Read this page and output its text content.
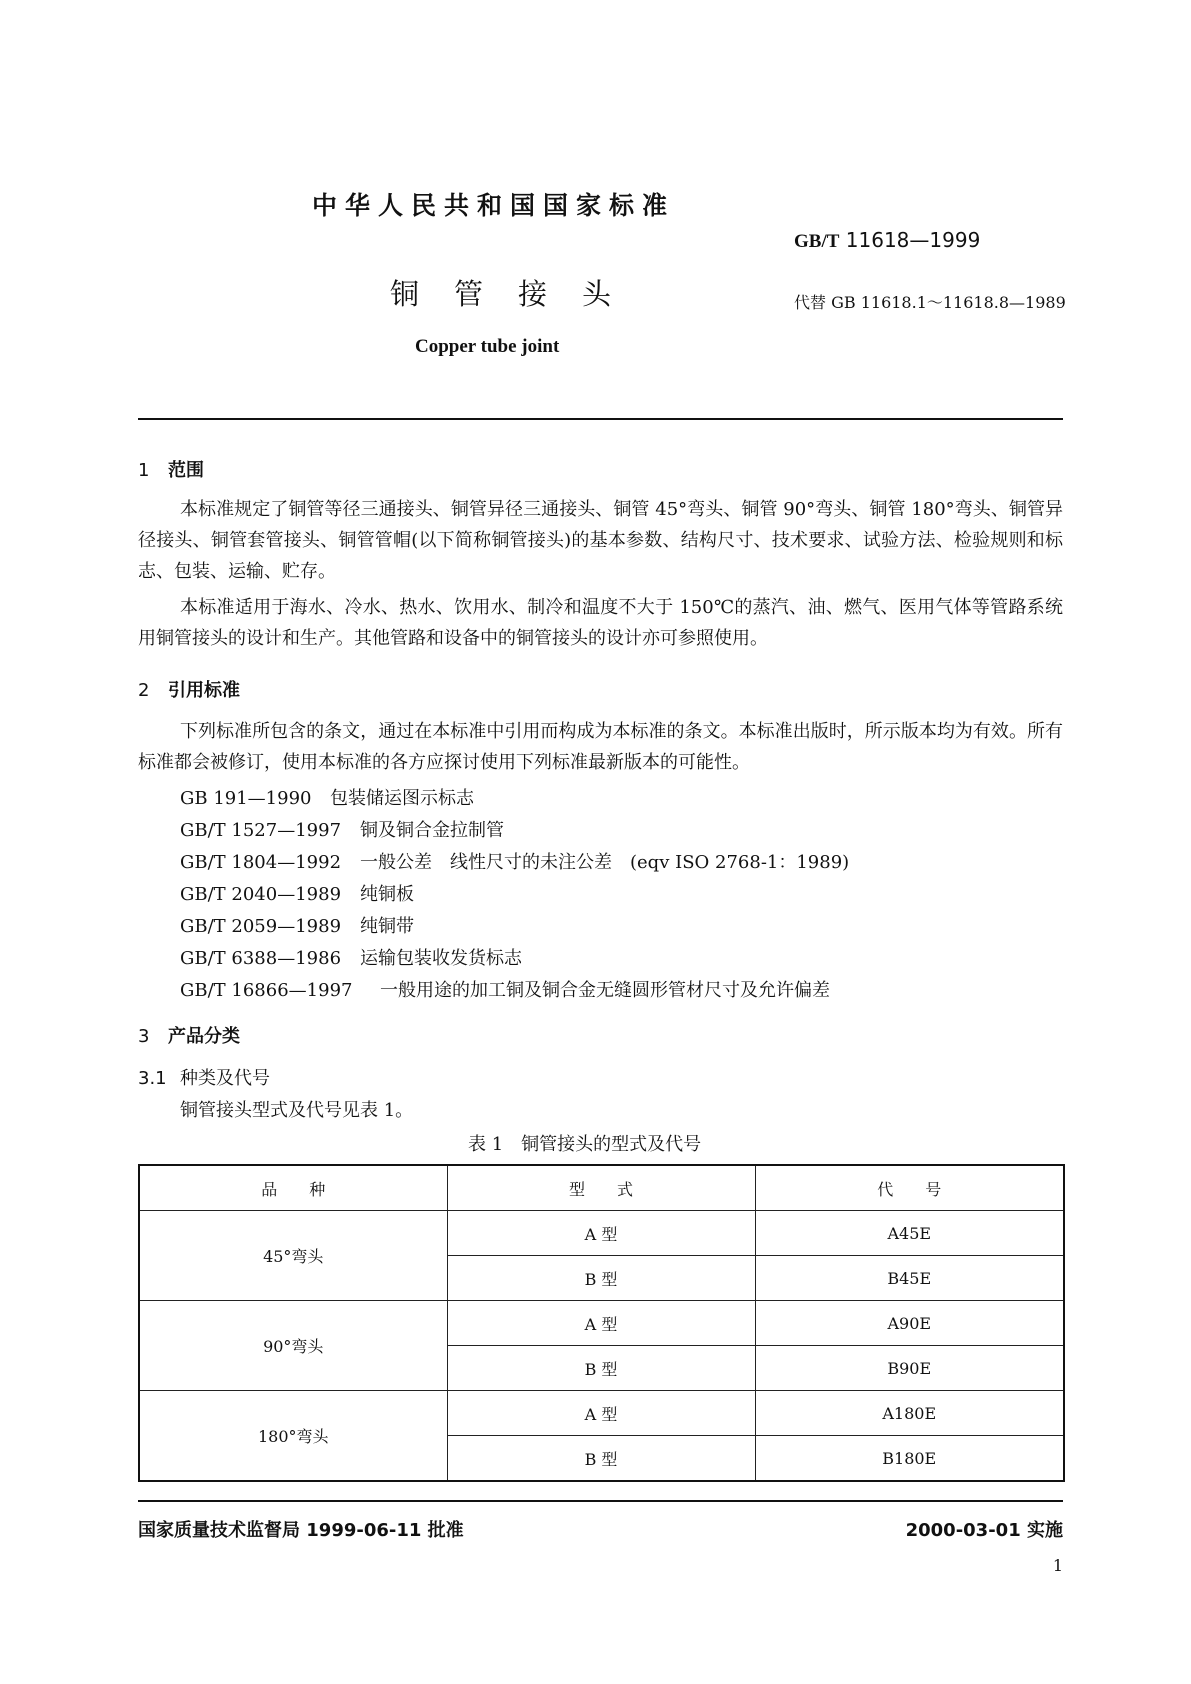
中华人民共和国国家标准
GB/T 11618—1999
铜管接头	代替 GB 11618.1～11618.8—1989
Copper tube joint
1 范围
本标准规定了铜管等径三通接头、铜管异径三通接头、铜管 45°弯头、铜管 90°弯头、铜管 180°弯头、铜管异径接头、铜管套管接头、铜管管帽(以下简称铜管接头)的基本参数、结构尺寸、技术要求、试验方法、检验规则和标志、包装、运输、贮存。
本标准适用于海水、冷水、热水、饮用水、制冷和温度不大于 150℃的蒸汽、油、燃气、医用气体等管路系统用铜管接头的设计和生产。其他管路和设备中的铜管接头的设计亦可参照使用。
2 引用标准
下列标准所包含的条文，通过在本标准中引用而构成为本标准的条文。本标准出版时，所示版本均为有效。所有标准都会被修订，使用本标准的各方应探讨使用下列标准最新版本的可能性。
GB 191—1990 包装储运图示标志
GB/T 1527—1997 铜及铜合金拉制管
GB/T 1804—1992 一般公差　线性尺寸的未注公差　(eqv ISO 2768-1：1989)
GB/T 2040—1989 纯铜板
GB/T 2059—1989 纯铜带
GB/T 6388—1986 运输包装收发货标志
GB/T 16866—1997 一般用途的加工铜及铜合金无缝圆形管材尺寸及允许偏差
3 产品分类
3.1 种类及代号
铜管接头型式及代号见表 1。
表 1　铜管接头的型式及代号
品　　种	型　　式	代　　号
45°弯头	A 型	A45E
	B 型	B45E
90°弯头	A 型	A90E
	B 型	B90E
180°弯头	A 型	A180E
	B 型	B180E
国家质量技术监督局 1999-06-11 批准	2000-03-01 实施
1
